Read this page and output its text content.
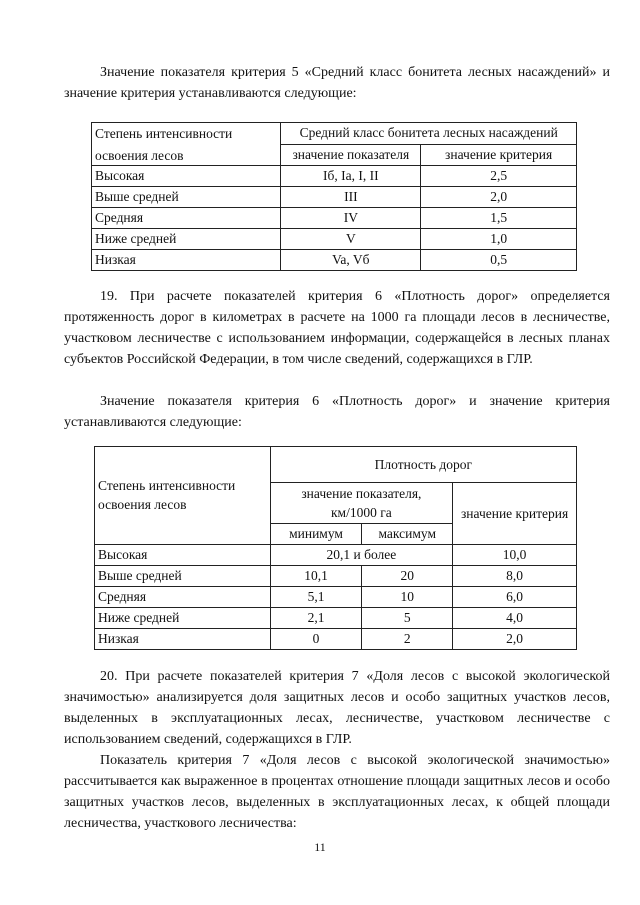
Значение показателя критерия 5 «Средний класс бонитета лесных насаждений» и значение критерия устанавливаются следующие:

Степень интенсивности
освоения лесов	Средний класс бонитета лесных насаждений	
	значение показателя	значение критерия
Высокая	Iб, Ia, I, II	2,5
Выше средней	III	2,0
Средняя	IV	1,5
Ниже средней	V	1,0
Низкая	Va, Vб	0,5

19. При расчете показателей критерия 6 «Плотность дорог» определяется протяженность дорог в километрах в расчете на 1000 га площади лесов в лесничестве, участковом лесничестве с использованием информации, содержащейся в лесных планах субъектов Российской Федерации, в том числе сведений, содержащихся в ГЛР.

Значение показателя критерия 6 «Плотность дорог» и значение критерия устанавливаются следующие:

Степень интенсивности
освоения лесов	Плотность дорог		

	значение показателя,
км/1000 га		значение критерия
	минимум	максимум	
Высокая	20,1 и более		10,0
Выше средней	10,1	20	8,0
Средняя	5,1	10	6,0
Ниже средней	2,1	5	4,0
Низкая	0	2	2,0

20. При расчете показателей критерия 7 «Доля лесов с высокой экологической значимостью» анализируется доля защитных лесов и особо защитных участков лесов, выделенных в эксплуатационных лесах, лесничестве, участковом лесничестве с использованием сведений, содержащихся в ГЛР.

Показатель критерия 7 «Доля лесов с высокой экологической значимостью» рассчитывается как выраженное в процентах отношение площади защитных лесов и особо защитных участков лесов, выделенных в эксплуатационных лесах, к общей площади лесничества, участкового лесничества:

11
